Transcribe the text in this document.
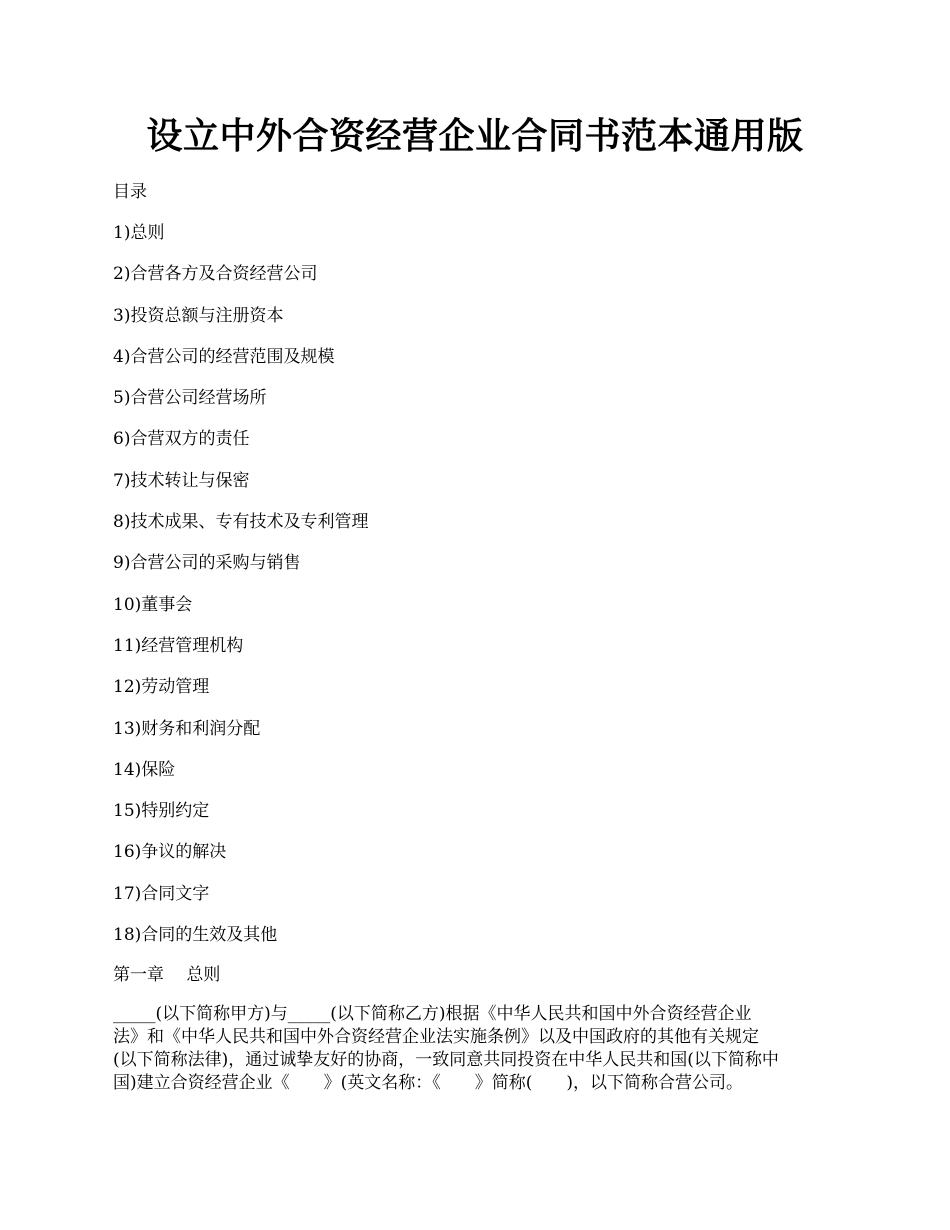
设立中外合资经营企业合同书范本通用版

目录

1)总则
2)合营各方及合资经营公司
3)投资总额与注册资本
4)合营公司的经营范围及规模
5)合营公司经营场所
6)合营双方的责任
7)技术转让与保密
8)技术成果、专有技术及专利管理
9)合营公司的采购与销售
10)董事会
11)经营管理机构
12)劳动管理
13)财务和利润分配
14)保险
15)特别约定
16)争议的解决
17)合同文字
18)合同的生效及其他
第一章　 总则

_____(以下简称甲方)与_____(以下简称乙方)根据《中华人民共和国中外合资经营企业
法》和《中华人民共和国中外合资经营企业法实施条例》以及中国政府的其他有关规定
(以下简称法律)，通过诚挚友好的协商，一致同意共同投资在中华人民共和国(以下简称中
国)建立合资经营企业《　　》(英文名称：《　　》简称(　　)，以下简称合营公司。
